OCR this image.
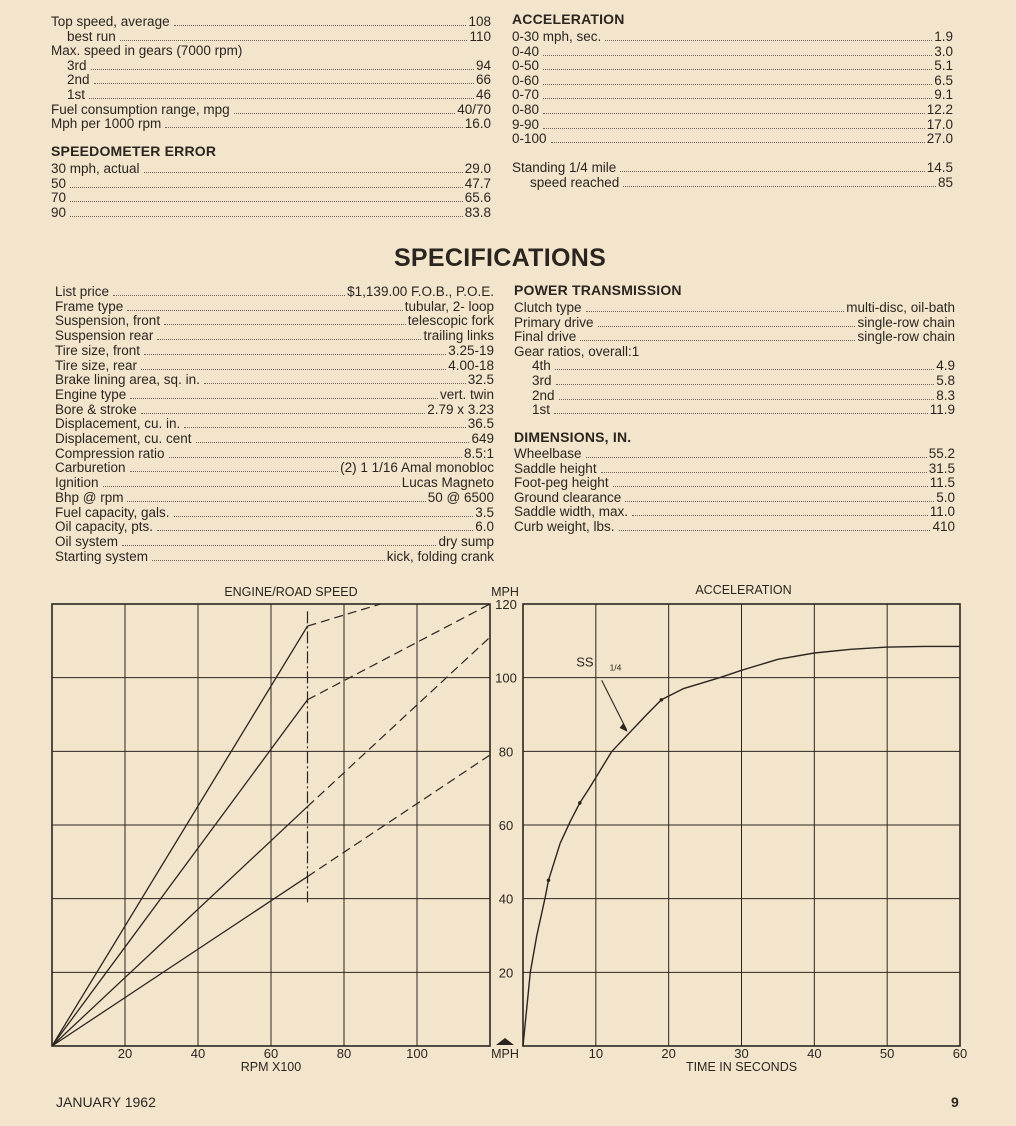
Top speed, average	108
best run	110
Max. speed in gears (7000 rpm)
3rd	94
2nd	66
1st	46
Fuel consumption range, mpg	40/70
Mph per 1000 rpm	16.0
SPEEDOMETER ERROR
30 mph, actual	29.0
50	47.7
70	65.6
90	83.8
ACCELERATION
0-30 mph, sec.	1.9
0-40	3.0
0-50	5.1
0-60	6.5
0-70	9.1
0-80	12.2
9-90	17.0
0-100	27.0
Standing 1/4 mile	14.5
speed reached	85
SPECIFICATIONS
List price	$1,139.00 F.O.B., P.O.E.
Frame type	tubular, 2- loop
Suspension, front	telescopic fork
Suspension rear	trailing links
Tire size, front	3.25-19
Tire size, rear	4.00-18
Brake lining area, sq. in.	32.5
Engine type	vert. twin
Bore & stroke	2.79 x 3.23
Displacement, cu. in.	36.5
Displacement, cu. cent	649
Compression ratio	8.5:1
Carburetion	(2) 1 1/16 Amal monobloc
Ignition	Lucas Magneto
Bhp @ rpm	50 @ 6500
Fuel capacity, gals.	3.5
Oil capacity, pts.	6.0
Oil system	dry sump
Starting system	kick, folding crank
POWER TRANSMISSION
Clutch type	multi-disc, oil-bath
Primary drive	single-row chain
Final drive	single-row chain
Gear ratios, overall:1
4th	4.9
3rd	5.8
2nd	8.3
1st	11.9
DIMENSIONS, IN.
Wheelbase	55.2
Saddle height	31.5
Foot-peg height	11.5
Ground clearance	5.0
Saddle width, max.	11.0
Curb weight, lbs.	410
ENGINE/ROAD SPEED
20	40	60	80	100
RPM X100
ACCELERATION
20
40
60
80
100
120
MPH
MPH	10	20	30	40	50	60
TIME IN SECONDS
SS 1/4
JANUARY 1962	9
